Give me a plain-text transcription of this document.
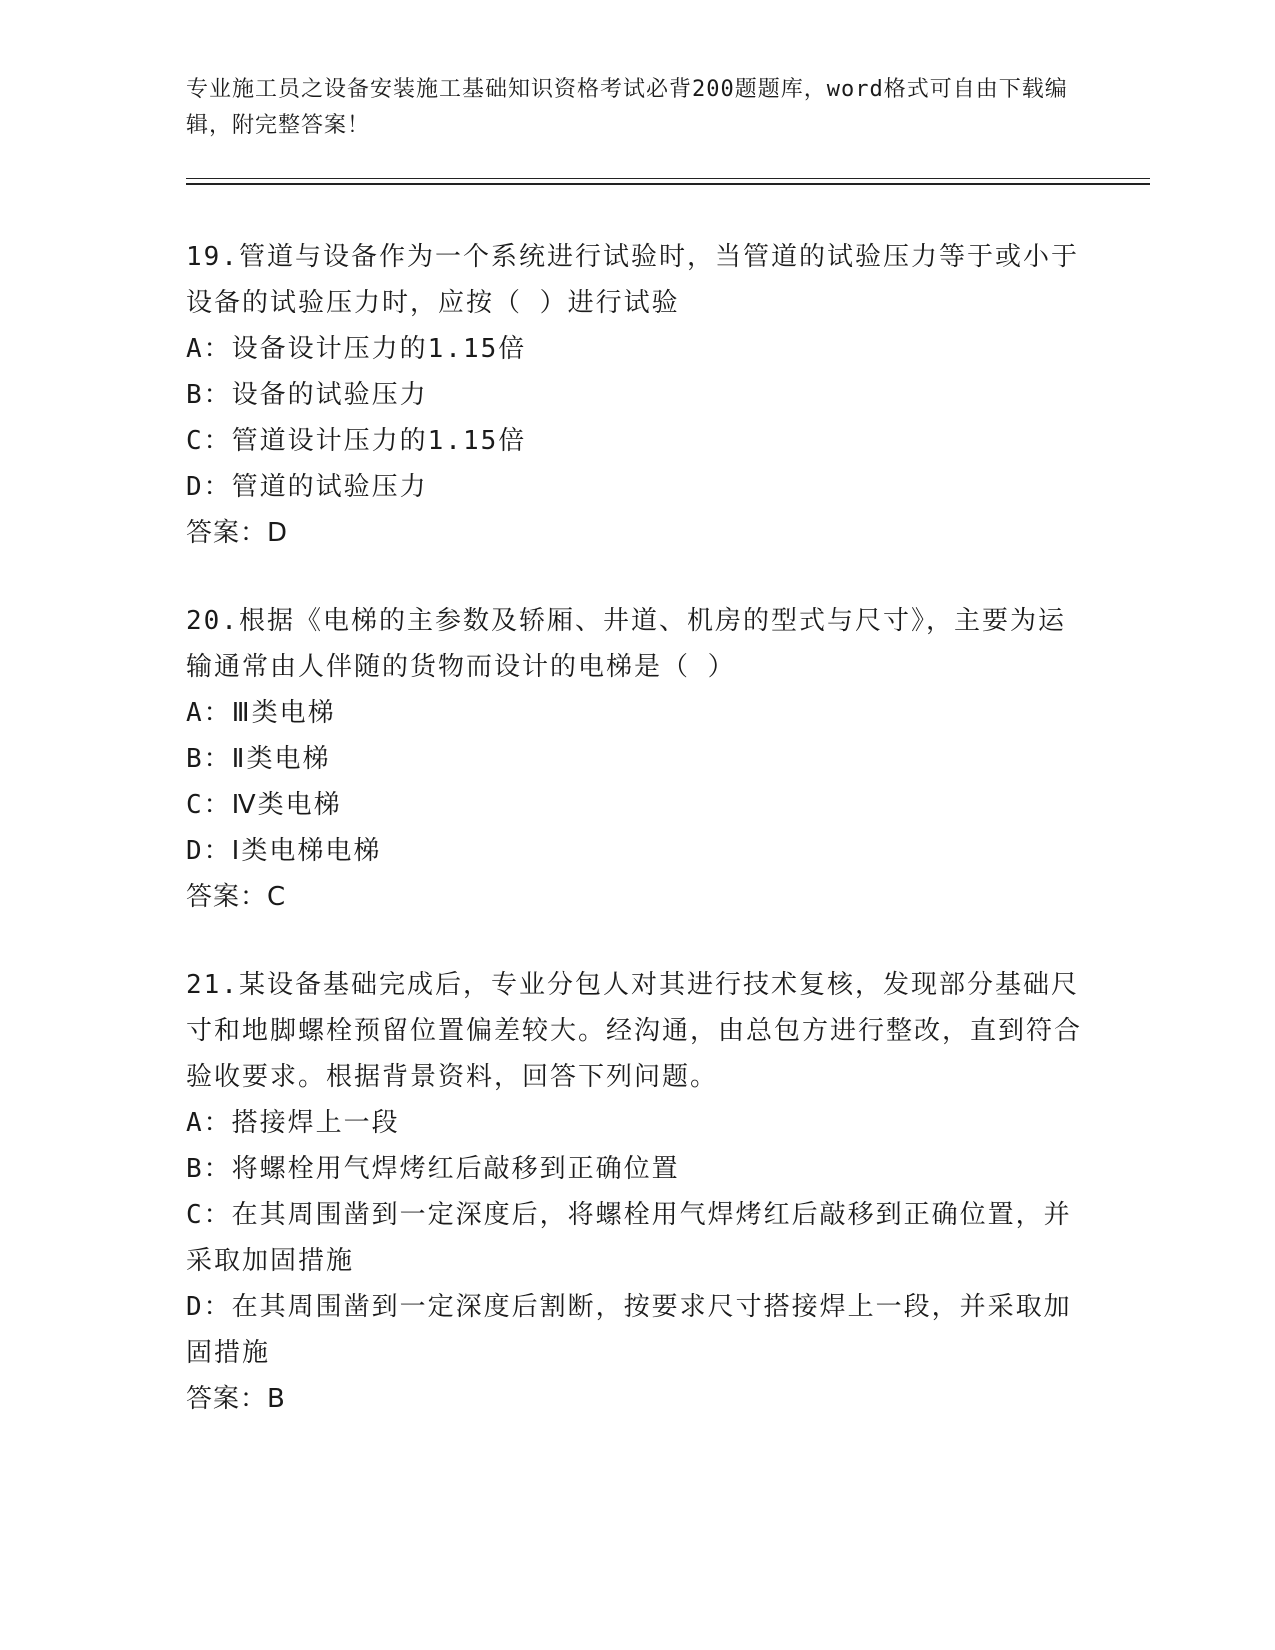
专业施工员之设备安装施工基础知识资格考试必背200题题库，word格式可自由下载编辑，附完整答案！

19.管道与设备作为一个系统进行试验时，当管道的试验压力等于或小于设备的试验压力时，应按（ ）进行试验

A：设备设计压力的1.15倍

B：设备的试验压力

C：管道设计压力的1.15倍

D：管道的试验压力

答案：D

20.根据《电梯的主参数及轿厢、井道、机房的型式与尺寸》，主要为运输通常由人伴随的货物而设计的电梯是（ ）

A：Ⅲ类电梯

B：Ⅱ类电梯

C：Ⅳ类电梯

D：Ⅰ类电梯电梯

答案：C

21.某设备基础完成后，专业分包人对其进行技术复核，发现部分基础尺寸和地脚螺栓预留位置偏差较大。经沟通，由总包方进行整改，直到符合验收要求。根据背景资料，回答下列问题。

A：搭接焊上一段

B：将螺栓用气焊烤红后敲移到正确位置

C：在其周围凿到一定深度后，将螺栓用气焊烤红后敲移到正确位置，并采取加固措施

D：在其周围凿到一定深度后割断，按要求尺寸搭接焊上一段，并采取加固措施

答案：B
